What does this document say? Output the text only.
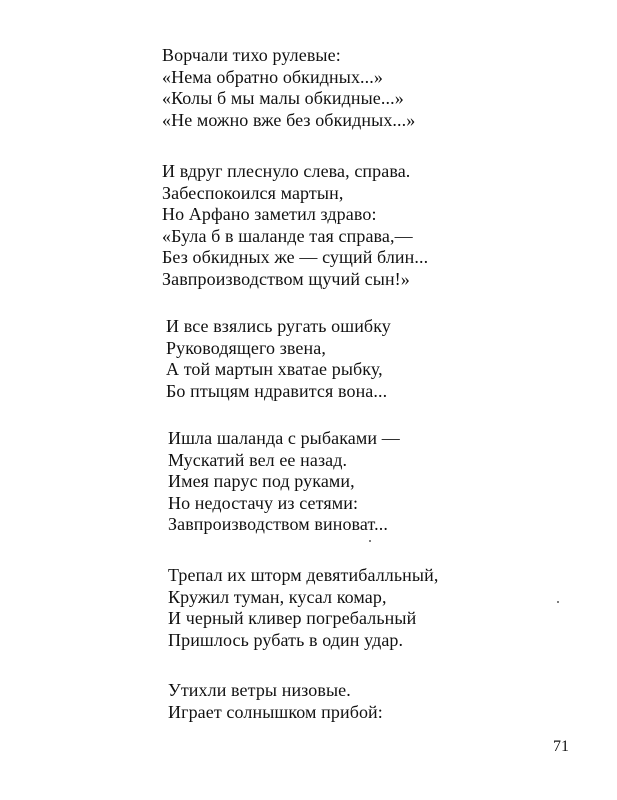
Ворчали тихо рулевые:
«Нема обратно обкидных...»
«Колы б мы малы обкидные...»
«Не можно вже без обкидных...»
И вдруг плеснуло слева, справа.
Забеспокоился мартын,
Но Арфано заметил здраво:
«Була б в шаланде тая справа,—
Без обкидных же — сущий блин...
Завпроизводством щучий сын!»
И все взялись ругать ошибку
Руководящего звена,
А той мартын хватае рыбку,
Бо птыцям ндравится вона...
Ишла шаланда с рыбаками —
Мускатий вел ее назад.
Имея парус под руками,
Но недостачу из сетями:
Завпроизводством виноват...
Трепал их шторм девятибалльный,
Кружил туман, кусал комар,
И черный кливер погребальный
Пришлось рубать в один удар.
Утихли ветры низовые.
Играет солнышком прибой:
71
